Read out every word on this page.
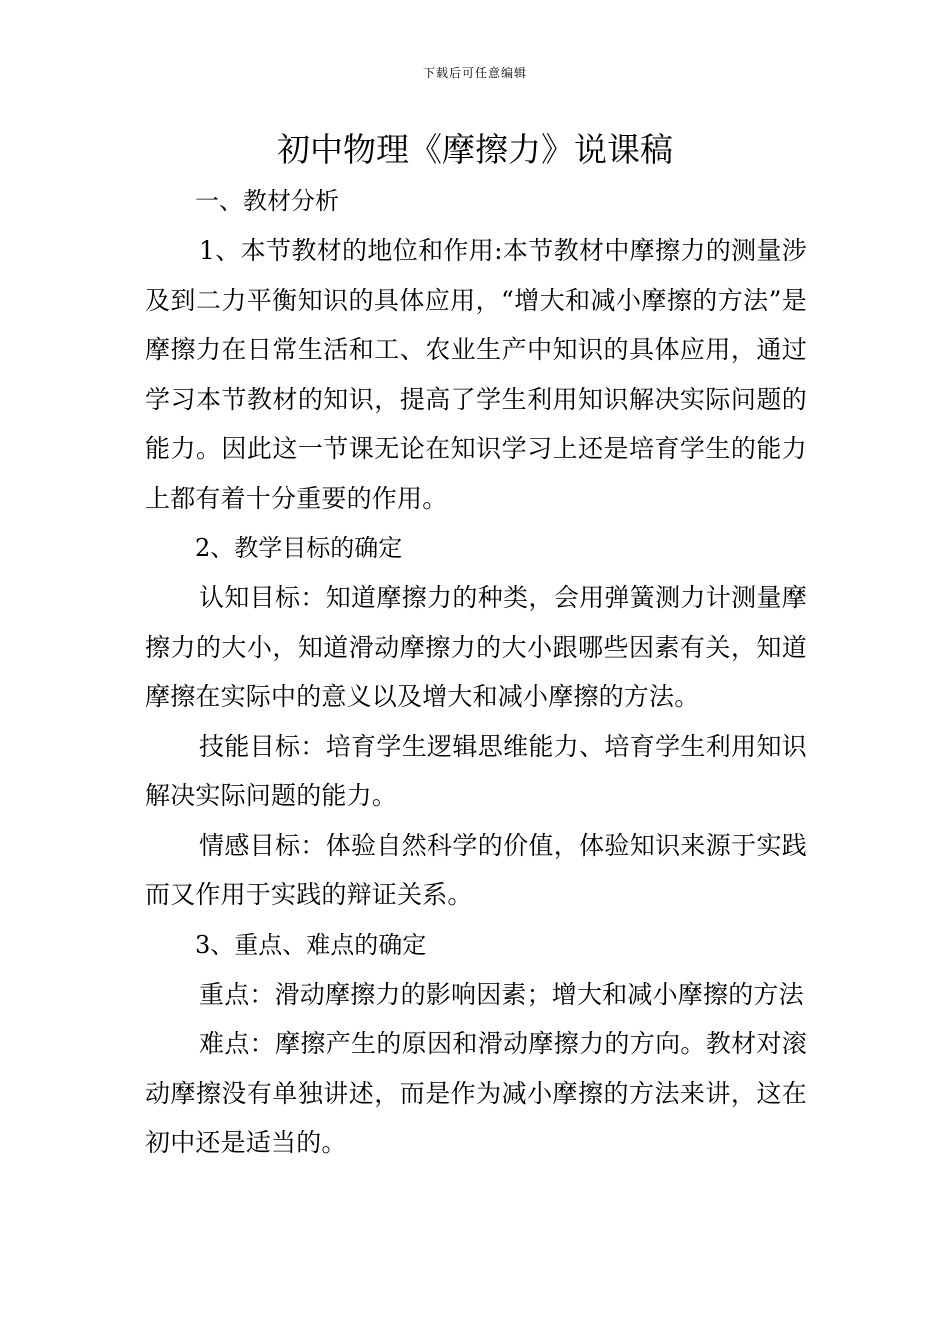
下载后可任意编辑
初中物理《摩擦力》说课稿
一、教材分析

1、本节教材的地位和作用:本节教材中摩擦力的测量涉及到二力平衡知识的具体应用，“增大和减小摩擦的方法”是摩擦力在日常生活和工、农业生产中知识的具体应用，通过学习本节教材的知识，提高了学生利用知识解决实际问题的能力。因此这一节课无论在知识学习上还是培育学生的能力上都有着十分重要的作用。

2、教学目标的确定

认知目标：知道摩擦力的种类，会用弹簧测力计测量摩擦力的大小，知道滑动摩擦力的大小跟哪些因素有关，知道摩擦在实际中的意义以及增大和减小摩擦的方法。

技能目标：培育学生逻辑思维能力、培育学生利用知识解决实际问题的能力。

情感目标：体验自然科学的价值，体验知识来源于实践而又作用于实践的辩证关系。

3、重点、难点的确定

重点：滑动摩擦力的影响因素；增大和减小摩擦的方法

难点：摩擦产生的原因和滑动摩擦力的方向。教材对滚动摩擦没有单独讲述，而是作为减小摩擦的方法来讲，这在初中还是适当的。
